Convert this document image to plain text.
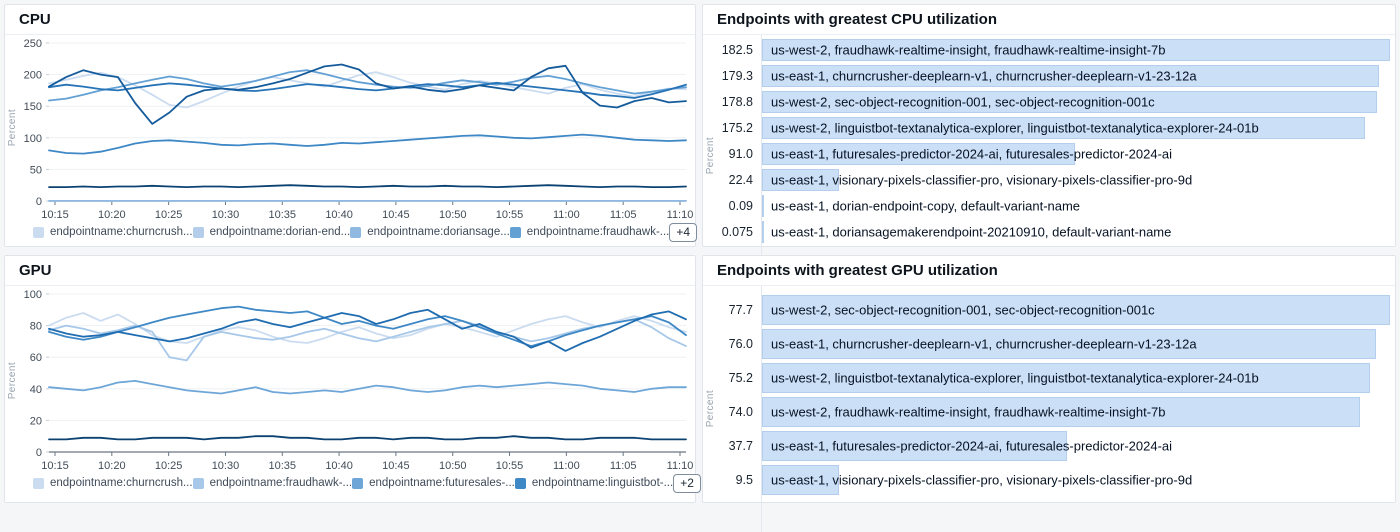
CPU
Percent
0
50
100
150
200
250
10:15	10:20	10:25	10:30	10:35	10:40	10:45	10:50	10:55	11:00	11:05	11:10
endpointname:churncrush... endpointname:dorian-end... endpointname:doriansage... endpointname:fraudhawk-... +4
Endpoints with greatest CPU utilization
Percent
182.5 us-west-2, fraudhawk-realtime-insight, fraudhawk-realtime-insight-7b
179.3 us-east-1, churncrusher-deeplearn-v1, churncrusher-deeplearn-v1-23-12a
178.8 us-west-2, sec-object-recognition-001, sec-object-recognition-001c
175.2 us-west-2, linguistbot-textanalytica-explorer, linguistbot-textanalytica-explorer-24-01b
91.0 us-east-1, futuresales-predictor-2024-ai, futuresales-predictor-2024-ai
22.4 us-east-1, visionary-pixels-classifier-pro, visionary-pixels-classifier-pro-9d
0.09 us-east-1, dorian-endpoint-copy, default-variant-name
0.075 us-east-1, doriansagemakerendpoint-20210910, default-variant-name
GPU
Percent
0
20
40
60
80
100
10:15	10:20	10:25	10:30	10:35	10:40	10:45	10:50	10:55	11:00	11:05	11:10
endpointname:churncrush... endpointname:fraudhawk-... endpointname:futuresales-... endpointname:linguistbot-... +2
Endpoints with greatest GPU utilization
Percent
77.7 us-west-2, sec-object-recognition-001, sec-object-recognition-001c
76.0 us-east-1, churncrusher-deeplearn-v1, churncrusher-deeplearn-v1-23-12a
75.2 us-west-2, linguistbot-textanalytica-explorer, linguistbot-textanalytica-explorer-24-01b
74.0 us-west-2, fraudhawk-realtime-insight, fraudhawk-realtime-insight-7b
37.7 us-east-1, futuresales-predictor-2024-ai, futuresales-predictor-2024-ai
9.5 us-east-1, visionary-pixels-classifier-pro, visionary-pixels-classifier-pro-9d
